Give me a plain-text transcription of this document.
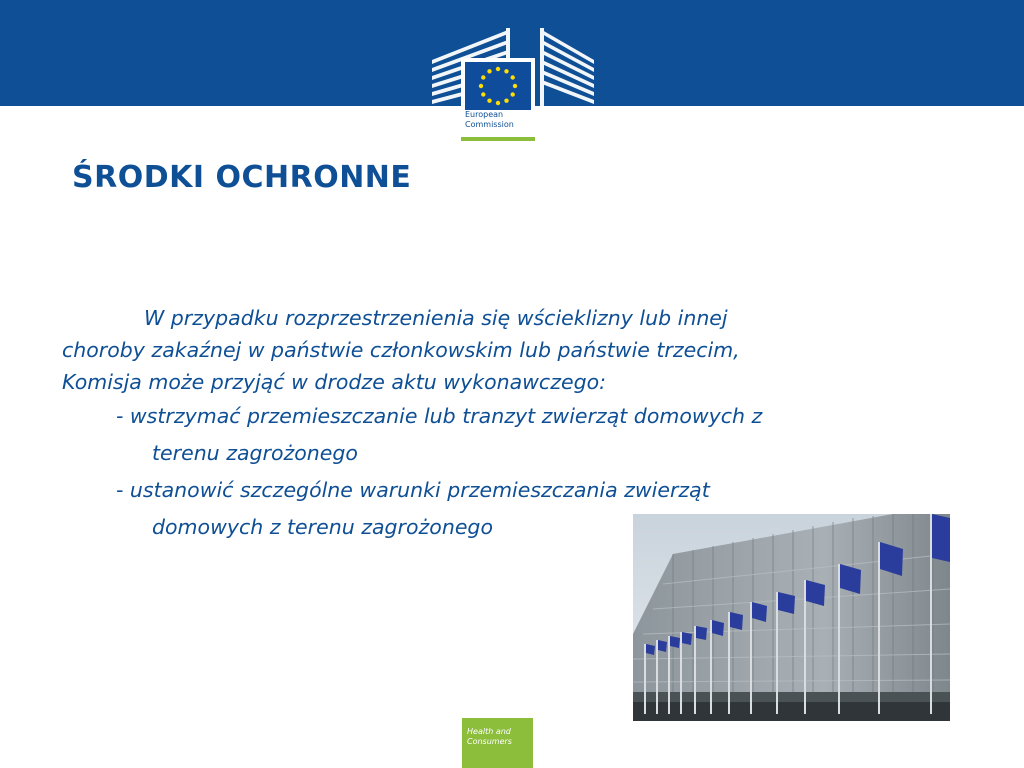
European
Commission
ŚRODKI OCHRONNE
W przypadku rozprzestrzenienia się wścieklizny lub innej
choroby zakaźnej w państwie członkowskim lub państwie trzecim,
Komisja może przyjąć w drodze aktu wykonawczego:
- wstrzymać przemieszczanie lub tranzyt zwierząt domowych z
terenu zagrożonego
- ustanowić szczególne warunki przemieszczania zwierząt
domowych z terenu zagrożonego
Health and
Consumers
